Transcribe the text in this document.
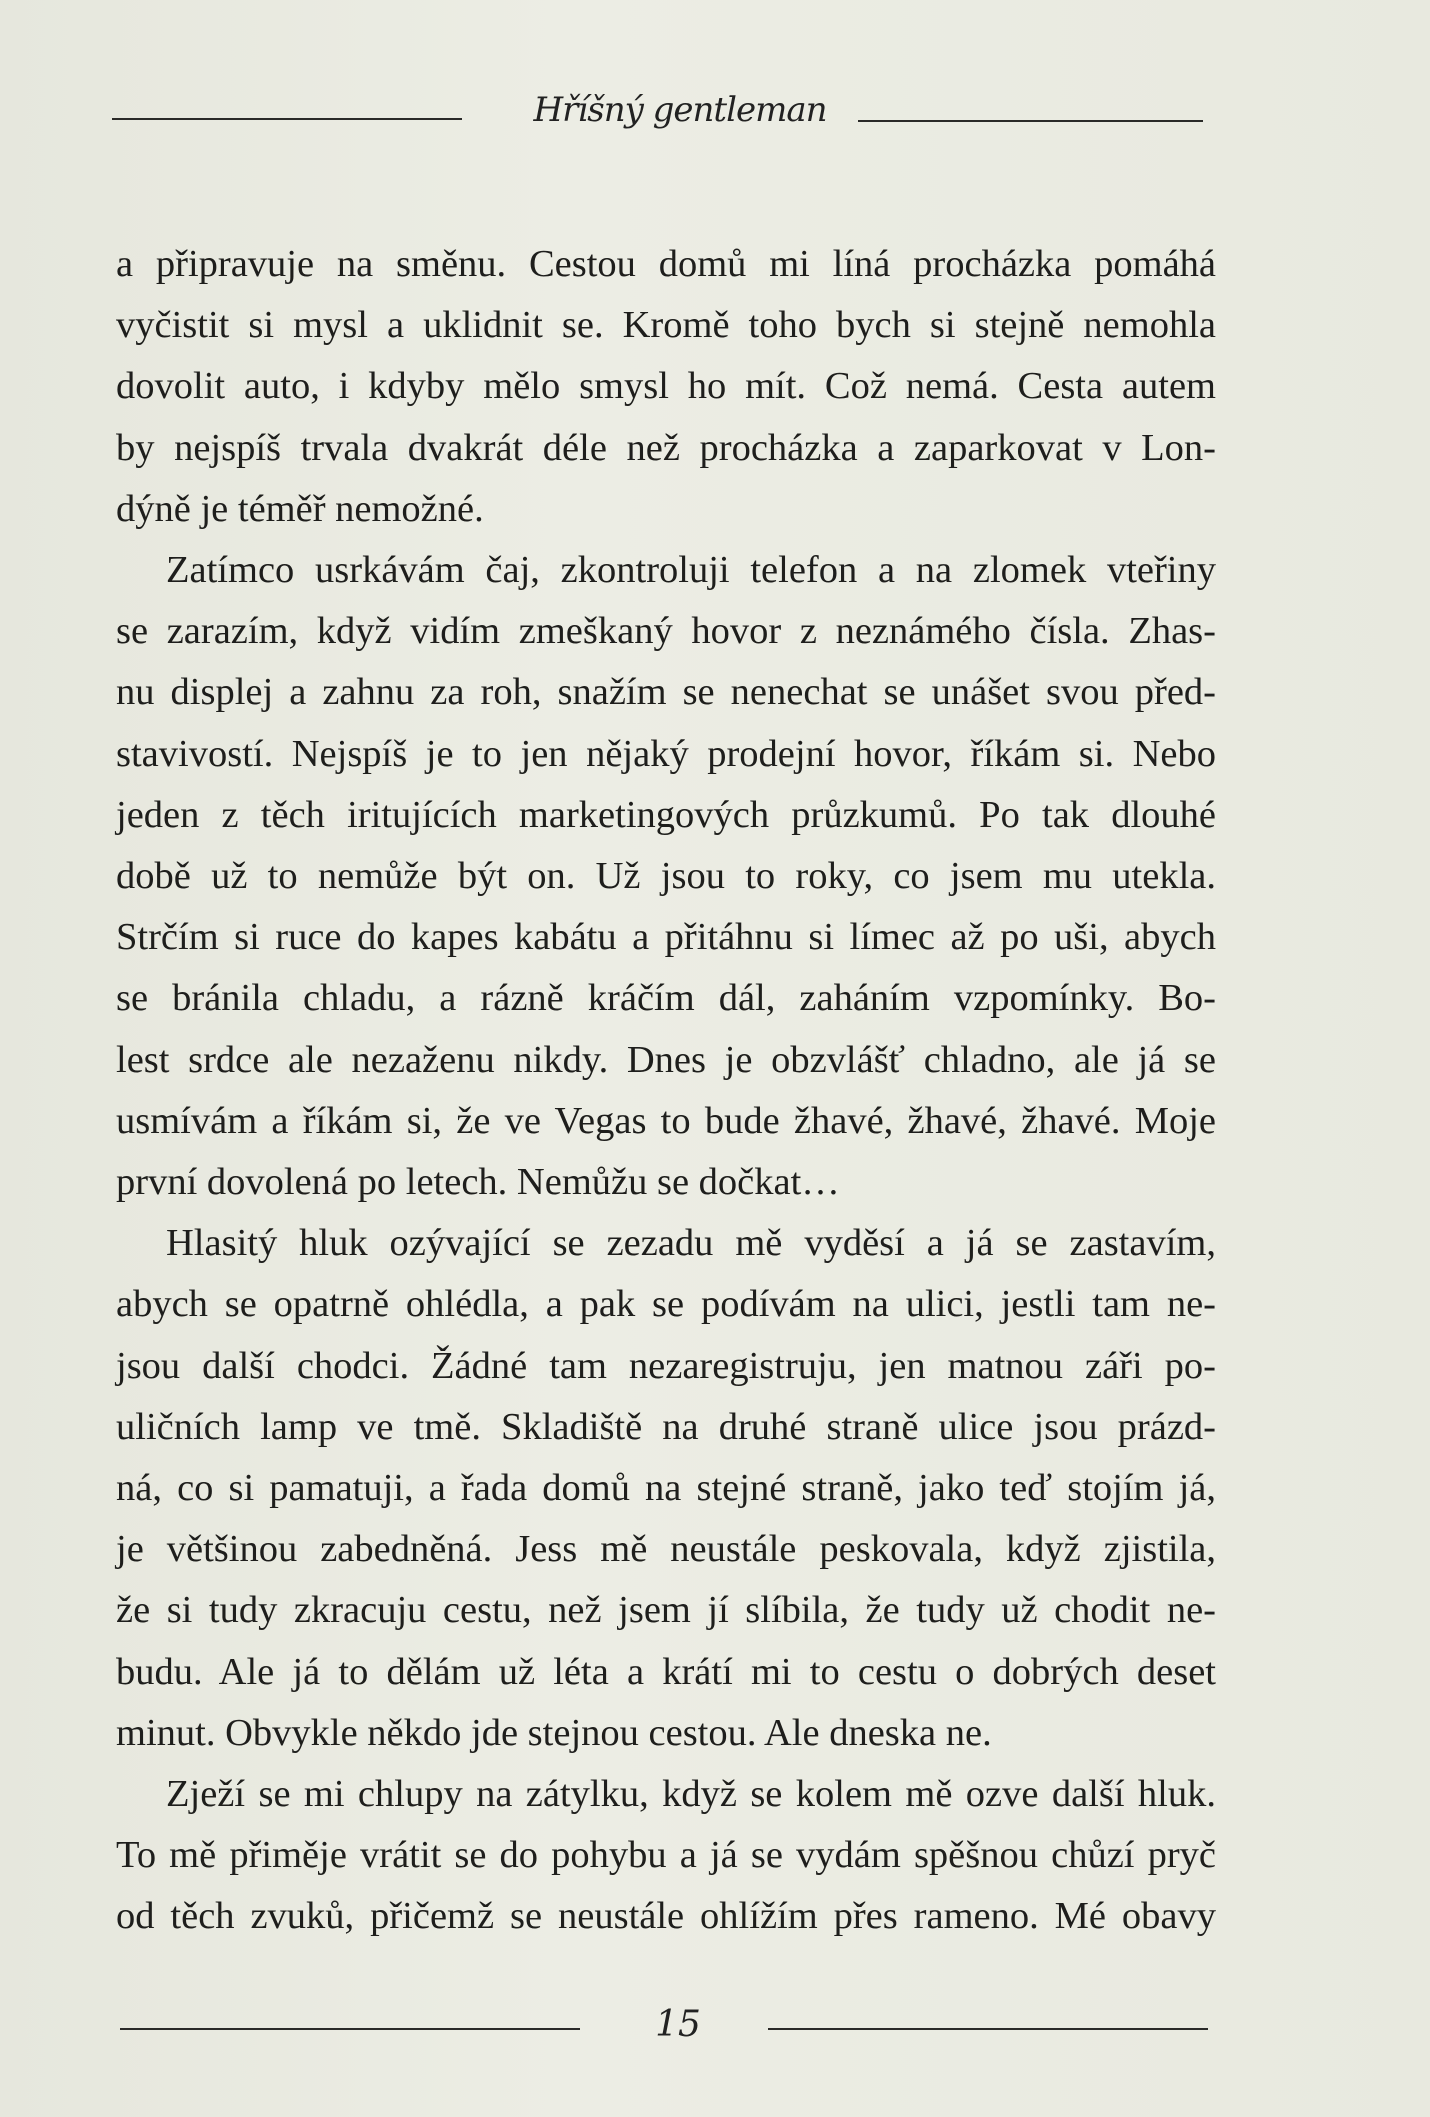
Hříšný gentleman
a připravuje na směnu. Cestou domů mi líná procházka pomáhá
vyčistit si mysl a uklidnit se. Kromě toho bych si stejně nemohla
dovolit auto, i kdyby mělo smysl ho mít. Což nemá. Cesta autem
by nejspíš trvala dvakrát déle než procházka a zaparkovat v Lon-
dýně je téměř nemožné.
Zatímco usrkávám čaj, zkontroluji telefon a na zlomek vteřiny
se zarazím, když vidím zmeškaný hovor z neznámého čísla. Zhas-
nu displej a zahnu za roh, snažím se nenechat se unášet svou před-
stavivostí. Nejspíš je to jen nějaký prodejní hovor, říkám si. Nebo
jeden z těch iritujících marketingových průzkumů. Po tak dlouhé
době už to nemůže být on. Už jsou to roky, co jsem mu utekla.
Strčím si ruce do kapes kabátu a přitáhnu si límec až po uši, abych
se bránila chladu, a rázně kráčím dál, zaháním vzpomínky. Bo-
lest srdce ale nezaženu nikdy. Dnes je obzvlášť chladno, ale já se
usmívám a říkám si, že ve Vegas to bude žhavé, žhavé, žhavé. Moje
první dovolená po letech. Nemůžu se dočkat…
Hlasitý hluk ozývající se zezadu mě vyděsí a já se zastavím,
abych se opatrně ohlédla, a pak se podívám na ulici, jestli tam ne-
jsou další chodci. Žádné tam nezaregistruju, jen matnou záři po-
uličních lamp ve tmě. Skladiště na druhé straně ulice jsou prázd-
ná, co si pamatuji, a řada domů na stejné straně, jako teď stojím já,
je většinou zabedněná. Jess mě neustále peskovala, když zjistila,
že si tudy zkracuju cestu, než jsem jí slíbila, že tudy už chodit ne-
budu. Ale já to dělám už léta a krátí mi to cestu o dobrých deset
minut. Obvykle někdo jde stejnou cestou. Ale dneska ne.
Zježí se mi chlupy na zátylku, když se kolem mě ozve další hluk.
To mě přiměje vrátit se do pohybu a já se vydám spěšnou chůzí pryč
od těch zvuků, přičemž se neustále ohlížím přes rameno. Mé obavy
15
